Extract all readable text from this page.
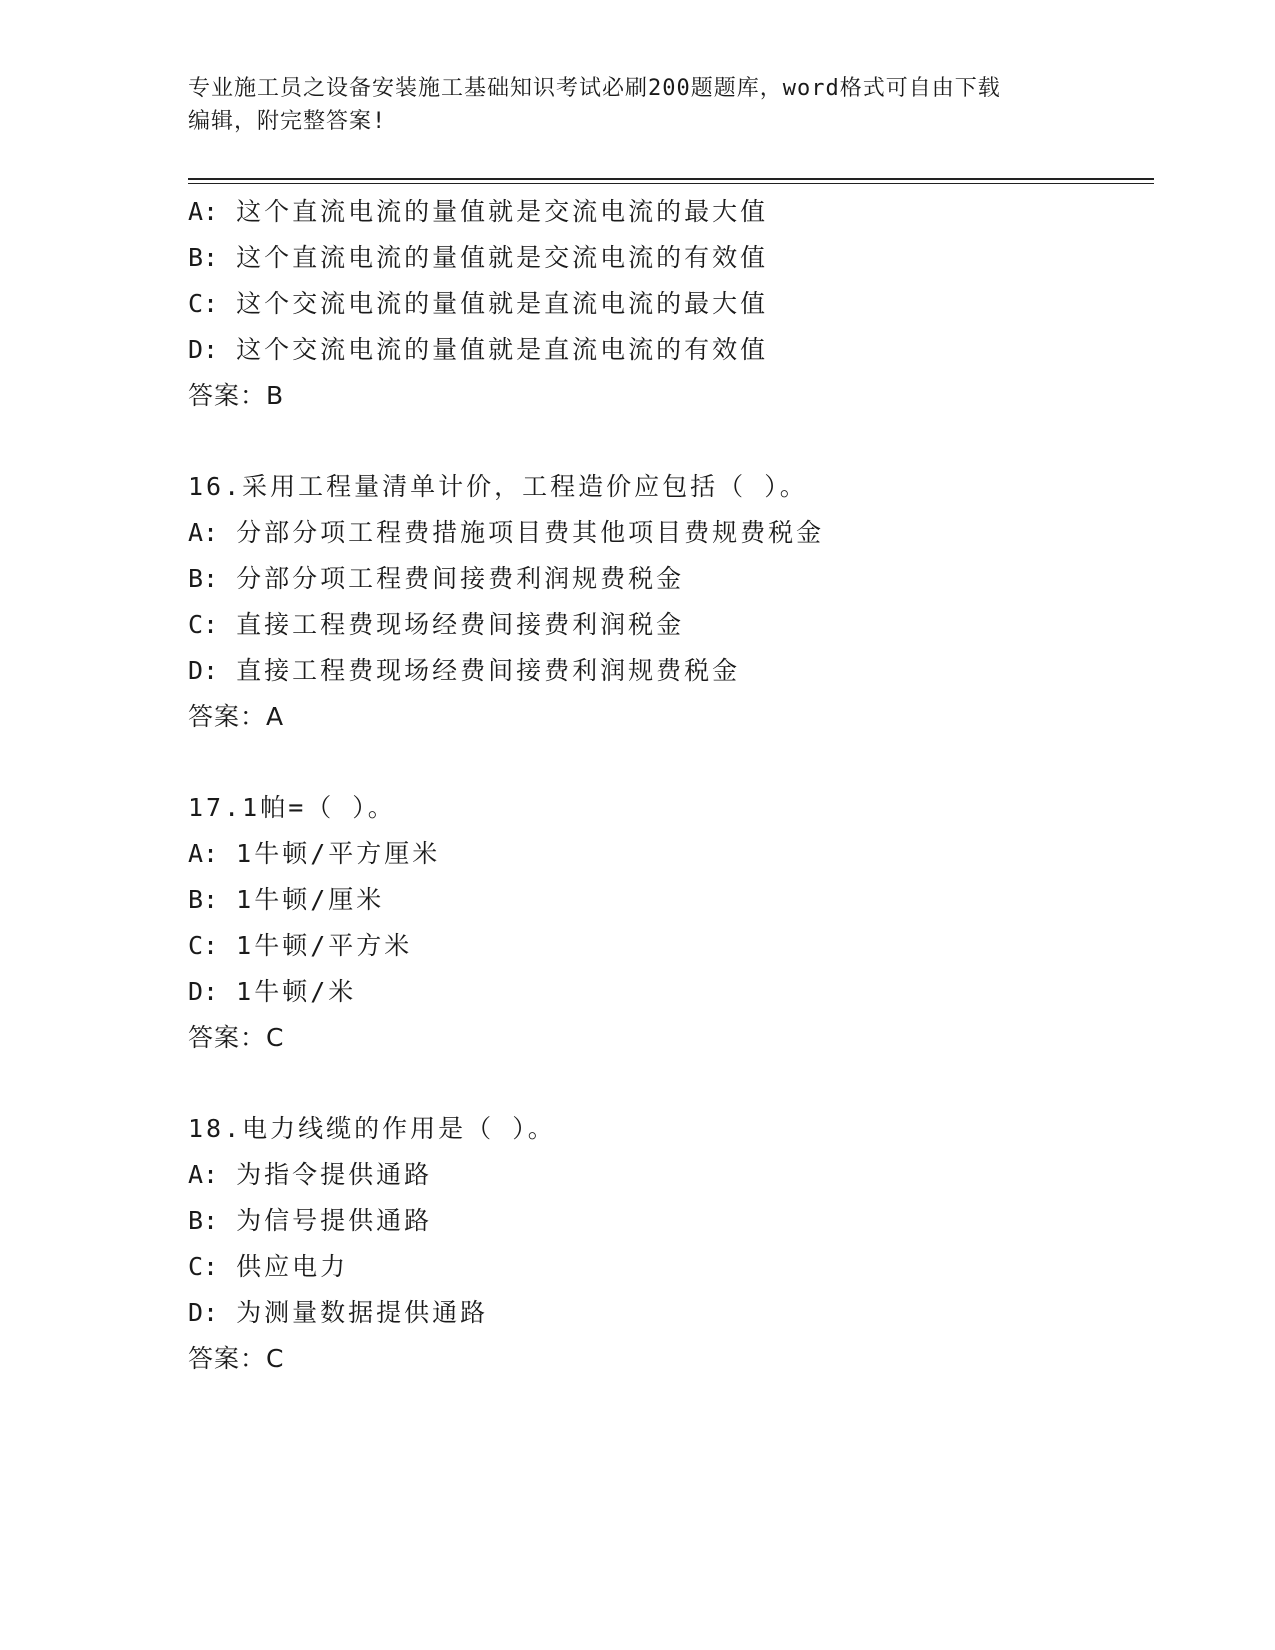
专业施工员之设备安装施工基础知识考试必刷200题题库，word格式可自由下载
编辑，附完整答案!
A: 这个直流电流的量值就是交流电流的最大值
B: 这个直流电流的量值就是交流电流的有效值
C: 这个交流电流的量值就是直流电流的最大值
D: 这个交流电流的量值就是直流电流的有效值
答案：B
16.采用工程量清单计价，工程造价应包括（ ）。
A: 分部分项工程费措施项目费其他项目费规费税金
B: 分部分项工程费间接费利润规费税金
C: 直接工程费现场经费间接费利润税金
D: 直接工程费现场经费间接费利润规费税金
答案：A
17.1帕=（ ）。
A: 1牛顿/平方厘米
B: 1牛顿/厘米
C: 1牛顿/平方米
D: 1牛顿/米
答案：C
18.电力线缆的作用是（ ）。
A: 为指令提供通路
B: 为信号提供通路
C: 供应电力
D: 为测量数据提供通路
答案：C
